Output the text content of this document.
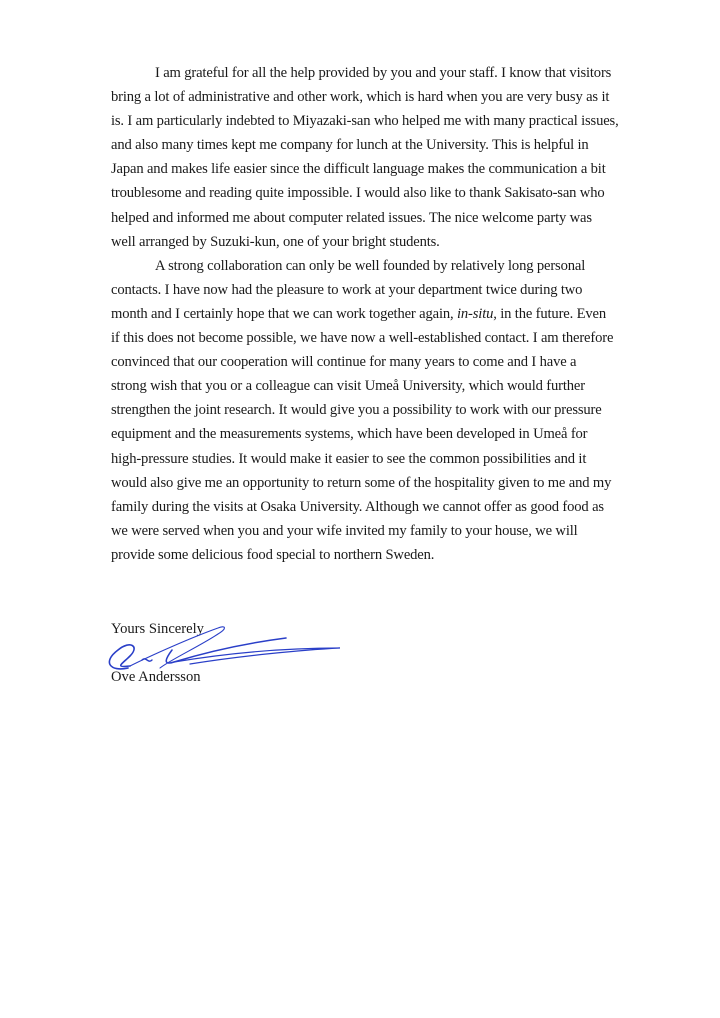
I am grateful for all the help provided by you and your staff. I know that visitors
bring a lot of administrative and other work, which is hard when you are very busy as it
is. I am particularly indebted to Miyazaki-san who helped me with many practical issues,
and also many times kept me company for lunch at the University. This is helpful in
Japan and makes life easier since the difficult language makes the communication a bit
troublesome and reading quite impossible. I would also like to thank Sakisato-san who
helped and informed me about computer related issues. The nice welcome party was
well arranged by Suzuki-kun, one of your bright students.

A strong collaboration can only be well founded by relatively long personal
contacts. I have now had the pleasure to work at your department twice during two
month and I certainly hope that we can work together again, in-situ, in the future. Even
if this does not become possible, we have now a well-established contact. I am therefore
convinced that our cooperation will continue for many years to come and I have a
strong wish that you or a colleague can visit Umeå University, which would further
strengthen the joint research. It would give you a possibility to work with our pressure
equipment and the measurements systems, which have been developed in Umeå for
high-pressure studies. It would make it easier to see the common possibilities and it
would also give me an opportunity to return some of the hospitality given to me and my
family during the visits at Osaka University. Although we cannot offer as good food as
we were served when you and your wife invited my family to your house, we will
provide some delicious food special to northern Sweden.

Yours Sincerely
Ove Andersson
